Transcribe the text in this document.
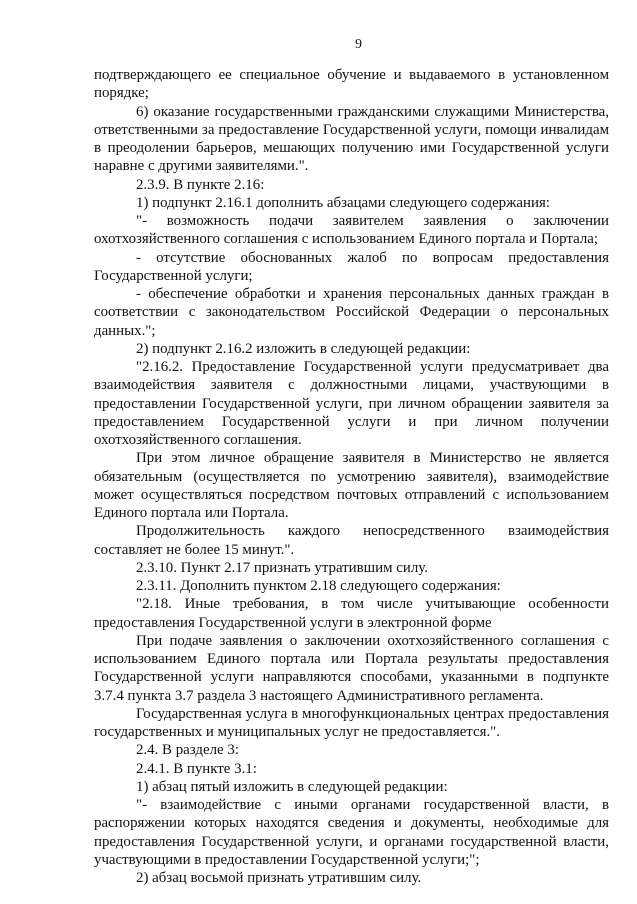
9

подтверждающего ее специальное обучение и выдаваемого в установленном порядке;

6) оказание государственными гражданскими служащими Министерства, ответственными за предоставление Государственной услуги, помощи инвалидам в преодолении барьеров, мешающих получению ими Государственной услуги наравне с другими заявителями.".

2.3.9. В пункте 2.16:

1) подпункт 2.16.1 дополнить абзацами следующего содержания:

"- возможность подачи заявителем заявления о заключении охотхозяйственного соглашения с использованием Единого портала и Портала;

- отсутствие обоснованных жалоб по вопросам предоставления Государственной услуги;

- обеспечение обработки и хранения персональных данных граждан в соответствии с законодательством Российской Федерации о персональных данных.";

2) подпункт 2.16.2 изложить в следующей редакции:

"2.16.2. Предоставление Государственной услуги предусматривает два взаимодействия заявителя с должностными лицами, участвующими в предоставлении Государственной услуги, при личном обращении заявителя за предоставлением Государственной услуги и при личном получении охотхозяйственного соглашения.

При этом личное обращение заявителя в Министерство не является обязательным (осуществляется по усмотрению заявителя), взаимодействие может осуществляться посредством почтовых отправлений с использованием Единого портала или Портала.

Продолжительность каждого непосредственного взаимодействия составляет не более 15 минут.".

2.3.10. Пункт 2.17 признать утратившим силу.

2.3.11. Дополнить пунктом 2.18 следующего содержания:

"2.18. Иные требования, в том числе учитывающие особенности предоставления Государственной услуги в электронной форме

При подаче заявления о заключении охотхозяйственного соглашения с использованием Единого портала или Портала результаты предоставления Государственной услуги направляются способами, указанными в подпункте 3.7.4 пункта 3.7 раздела 3 настоящего Административного регламента.

Государственная услуга в многофункциональных центрах предоставления государственных и муниципальных услуг не предоставляется.".

2.4. В разделе 3:

2.4.1. В пункте 3.1:

1) абзац пятый изложить в следующей редакции:

"- взаимодействие с иными органами государственной власти, в распоряжении которых находятся сведения и документы, необходимые для предоставления Государственной услуги, и органами государственной власти, участвующими в предоставлении Государственной услуги;";

2) абзац восьмой признать утратившим силу.
